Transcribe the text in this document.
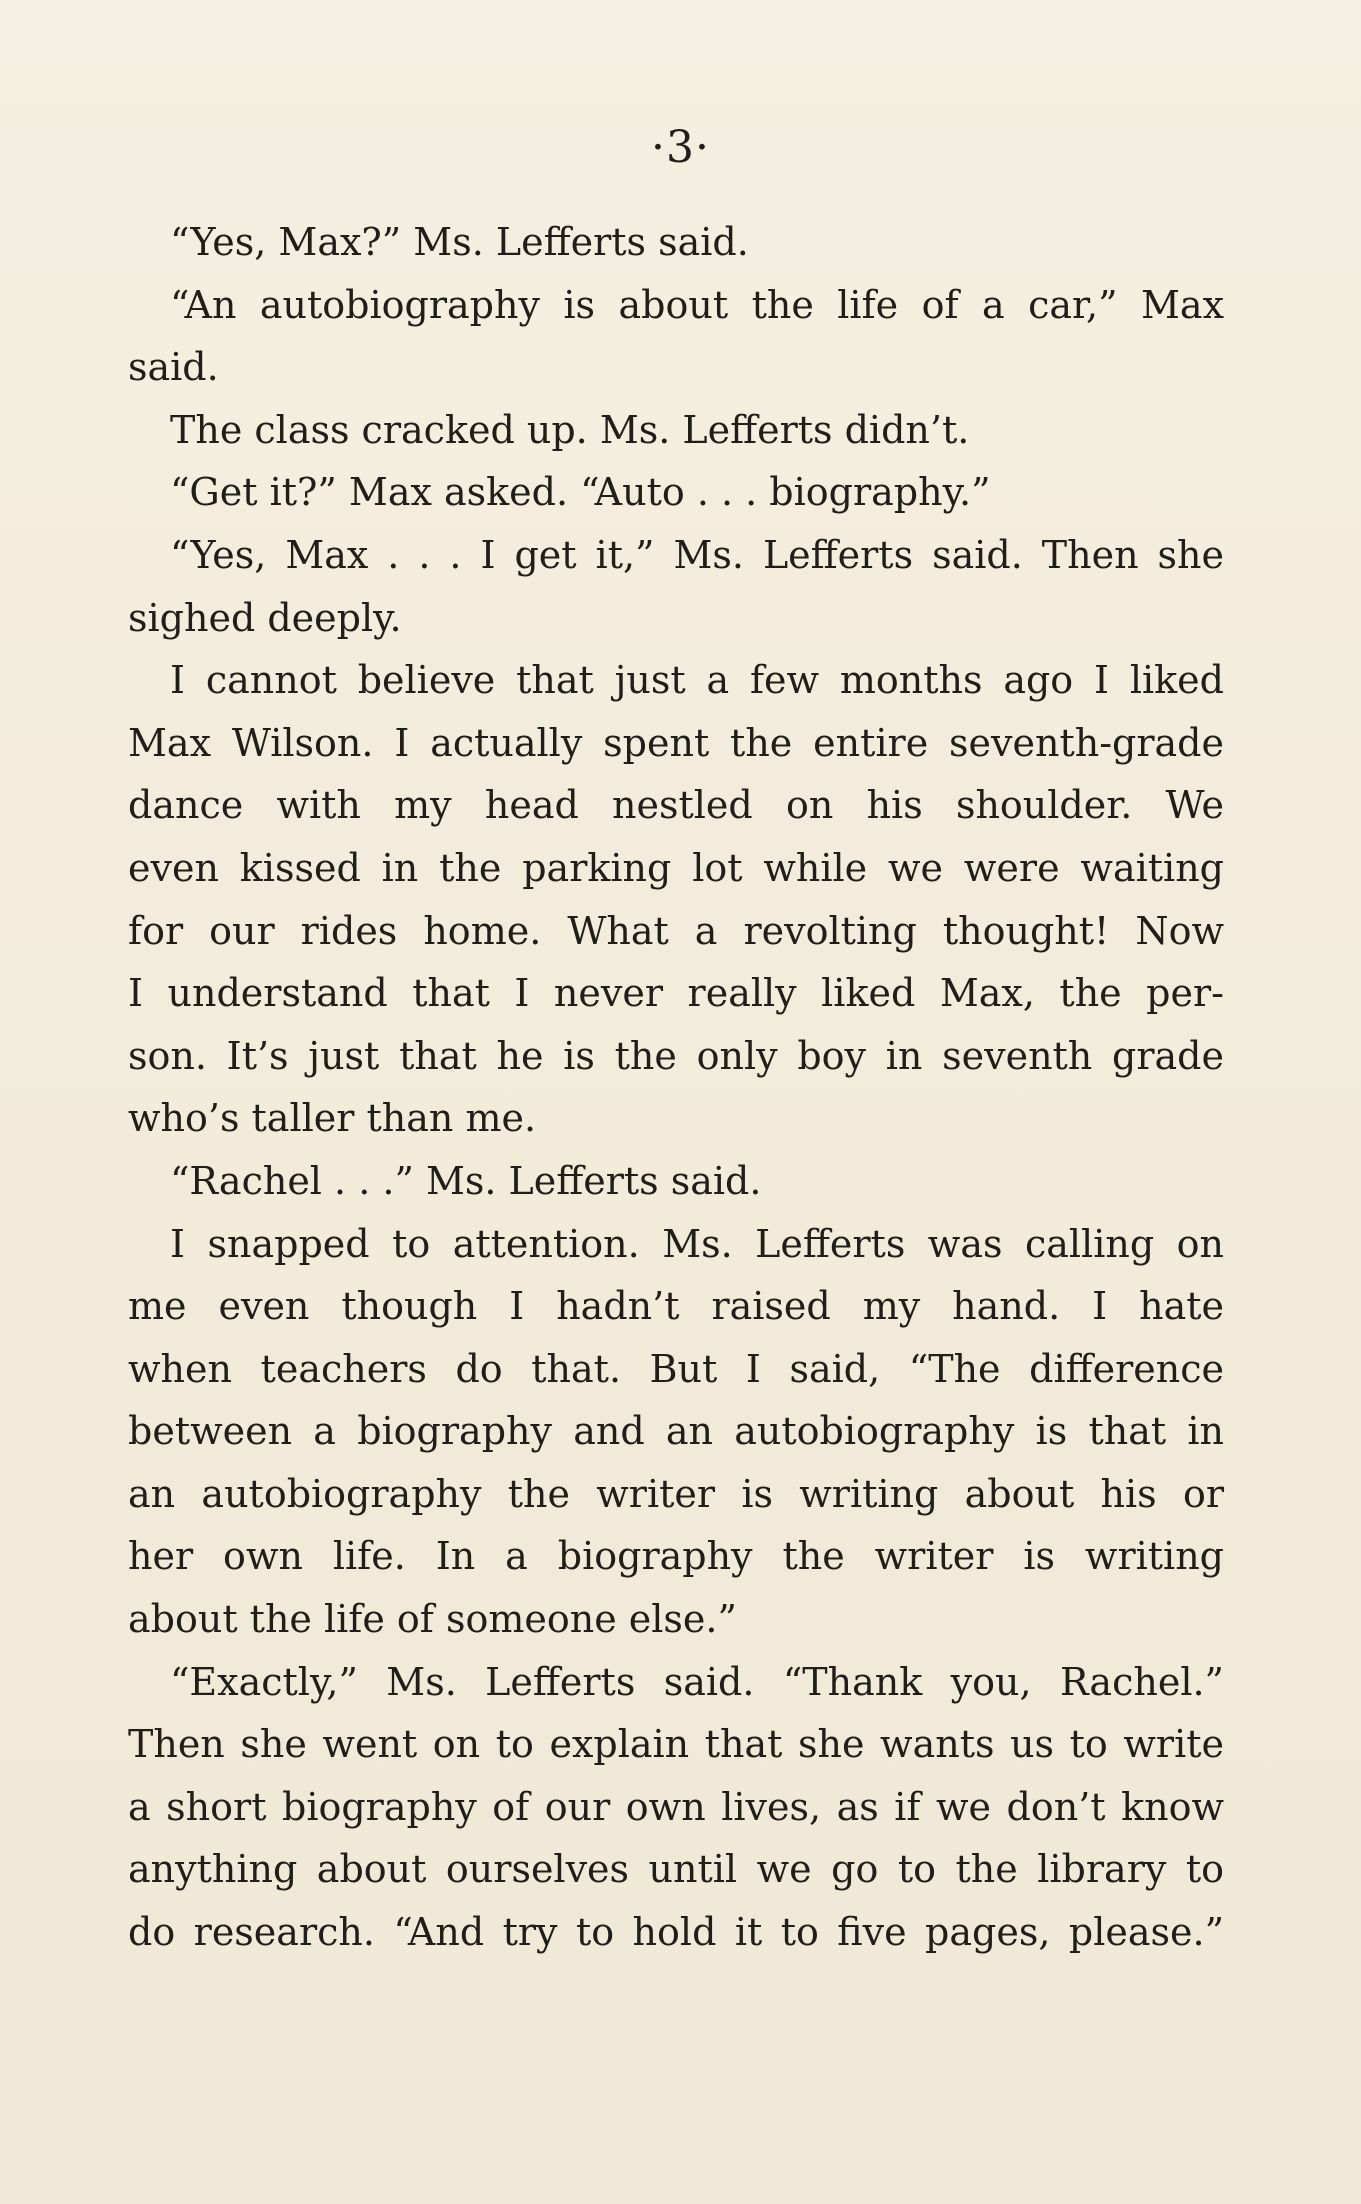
·3·
“Yes, Max?” Ms. Lefferts said.
“An autobiography is about the life of a car,” Max
said.
The class cracked up. Ms. Lefferts didn’t.
“Get it?” Max asked. “Auto . . . biography.”
“Yes, Max . . . I get it,” Ms. Lefferts said. Then she
sighed deeply.
I cannot believe that just a few months ago I liked
Max Wilson. I actually spent the entire seventh-grade
dance with my head nestled on his shoulder. We
even kissed in the parking lot while we were waiting
for our rides home. What a revolting thought! Now
I understand that I never really liked Max, the per-
son. It’s just that he is the only boy in seventh grade
who’s taller than me.
“Rachel . . .” Ms. Lefferts said.
I snapped to attention. Ms. Lefferts was calling on
me even though I hadn’t raised my hand. I hate
when teachers do that. But I said, “The difference
between a biography and an autobiography is that in
an autobiography the writer is writing about his or
her own life. In a biography the writer is writing
about the life of someone else.”
“Exactly,” Ms. Lefferts said. “Thank you, Rachel.”
Then she went on to explain that she wants us to write
a short biography of our own lives, as if we don’t know
anything about ourselves until we go to the library to
do research. “And try to hold it to five pages, please.”
